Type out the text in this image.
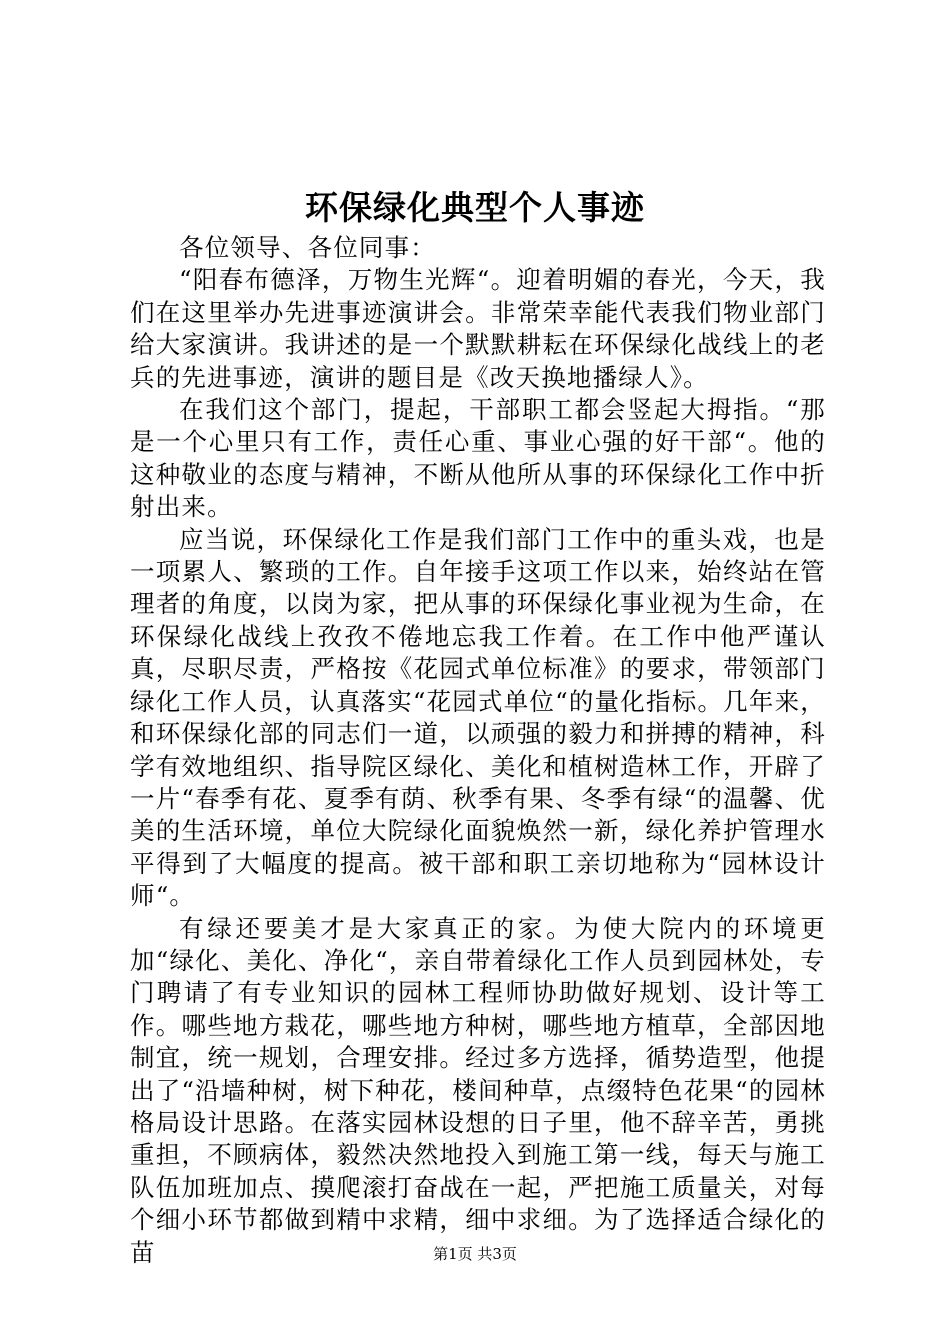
环保绿化典型个人事迹

各位领导、各位同事：

“阳春布德泽，万物生光辉“。迎着明媚的春光，今天，我们在这里举办先进事迹演讲会。非常荣幸能代表我们物业部门给大家演讲。我讲述的是一个默默耕耘在环保绿化战线上的老兵的先进事迹，演讲的题目是《改天换地播绿人》。

在我们这个部门，提起，干部职工都会竖起大拇指。“那是一个心里只有工作，责任心重、事业心强的好干部“。他的这种敬业的态度与精神，不断从他所从事的环保绿化工作中折射出来。

应当说，环保绿化工作是我们部门工作中的重头戏，也是一项累人、繁琐的工作。自年接手这项工作以来，始终站在管理者的角度，以岗为家，把从事的环保绿化事业视为生命，在环保绿化战线上孜孜不倦地忘我工作着。在工作中他严谨认真，尽职尽责，严格按《花园式单位标准》的要求，带领部门绿化工作人员，认真落实“花园式单位“的量化指标。几年来，和环保绿化部的同志们一道，以顽强的毅力和拼搏的精神，科学有效地组织、指导院区绿化、美化和植树造林工作，开辟了一片“春季有花、夏季有荫、秋季有果、冬季有绿“的温馨、优美的生活环境，单位大院绿化面貌焕然一新，绿化养护管理水平得到了大幅度的提高。被干部和职工亲切地称为“园林设计师“。

有绿还要美才是大家真正的家。为使大院内的环境更加“绿化、美化、净化“，亲自带着绿化工作人员到园林处，专门聘请了有专业知识的园林工程师协助做好规划、设计等工作。哪些地方栽花，哪些地方种树，哪些地方植草，全部因地制宜，统一规划，合理安排。经过多方选择，循势造型，他提出了“沿墙种树，树下种花，楼间种草，点缀特色花果“的园林格局设计思路。在落实园林设想的日子里，他不辞辛苦，勇挑重担，不顾病体，毅然决然地投入到施工第一线，每天与施工队伍加班加点、摸爬滚打奋战在一起，严把施工质量关，对每个细小环节都做到精中求精，细中求细。为了选择适合绿化的苗	第1页 共3页
